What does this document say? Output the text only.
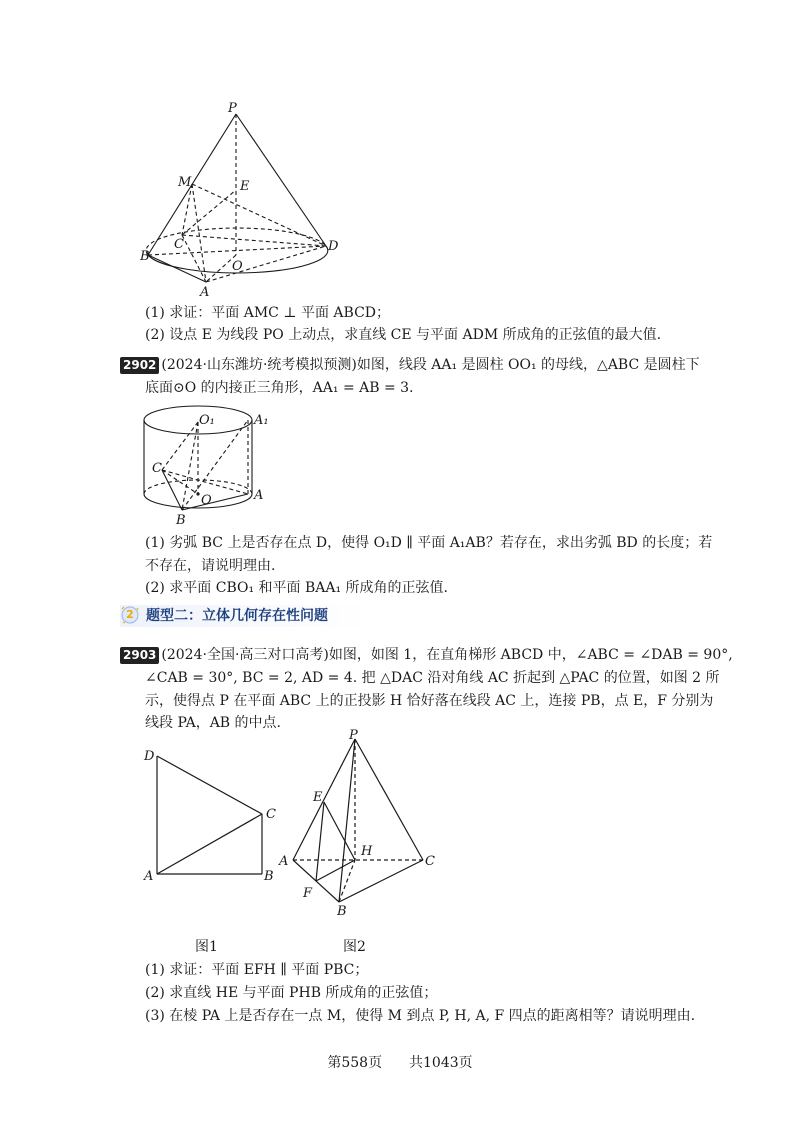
P
M	E
C
B
D
O
A
(1) 求证：平面 AMC ⊥ 平面 ABCD；
(2) 设点 E 为线段 PO 上动点，求直线 CE 与平面 ADM 所成角的正弦值的最大值.
2902 (2024·山东潍坊·统考模拟预测)如图，线段 AA₁ 是圆柱 OO₁ 的母线，△ABC 是圆柱下
底面⊙O 的内接正三角形，AA₁ = AB = 3.
O₁	A₁
C
O	A
B
(1) 劣弧 BC 上是否存在点 D，使得 O₁D ∥ 平面 A₁AB？若存在，求出劣弧 BD 的长度；若
不存在，请说明理由.
(2) 求平面 CBO₁ 和平面 BAA₁ 所成角的正弦值.
2 题型二：立体几何存在性问题
2903 (2024·全国·高三对口高考)如图，如图 1，在直角梯形 ABCD 中，∠ABC = ∠DAB = 90°,
∠CAB = 30°, BC = 2, AD = 4. 把 △DAC 沿对角线 AC 折起到 △PAC 的位置，如图 2 所
示，使得点 P 在平面 ABC 上的正投影 H 恰好落在线段 AC 上，连接 PB，点 E，F 分别为
线段 PA，AB 的中点.
D
C
A	B
P
E
A
H
C
F
B
图1	图2
(1) 求证：平面 EFH ∥ 平面 PBC；
(2) 求直线 HE 与平面 PHB 所成角的正弦值；
(3) 在棱 PA 上是否存在一点 M，使得 M 到点 P, H, A, F 四点的距离相等？请说明理由.
第558页 共1043页
